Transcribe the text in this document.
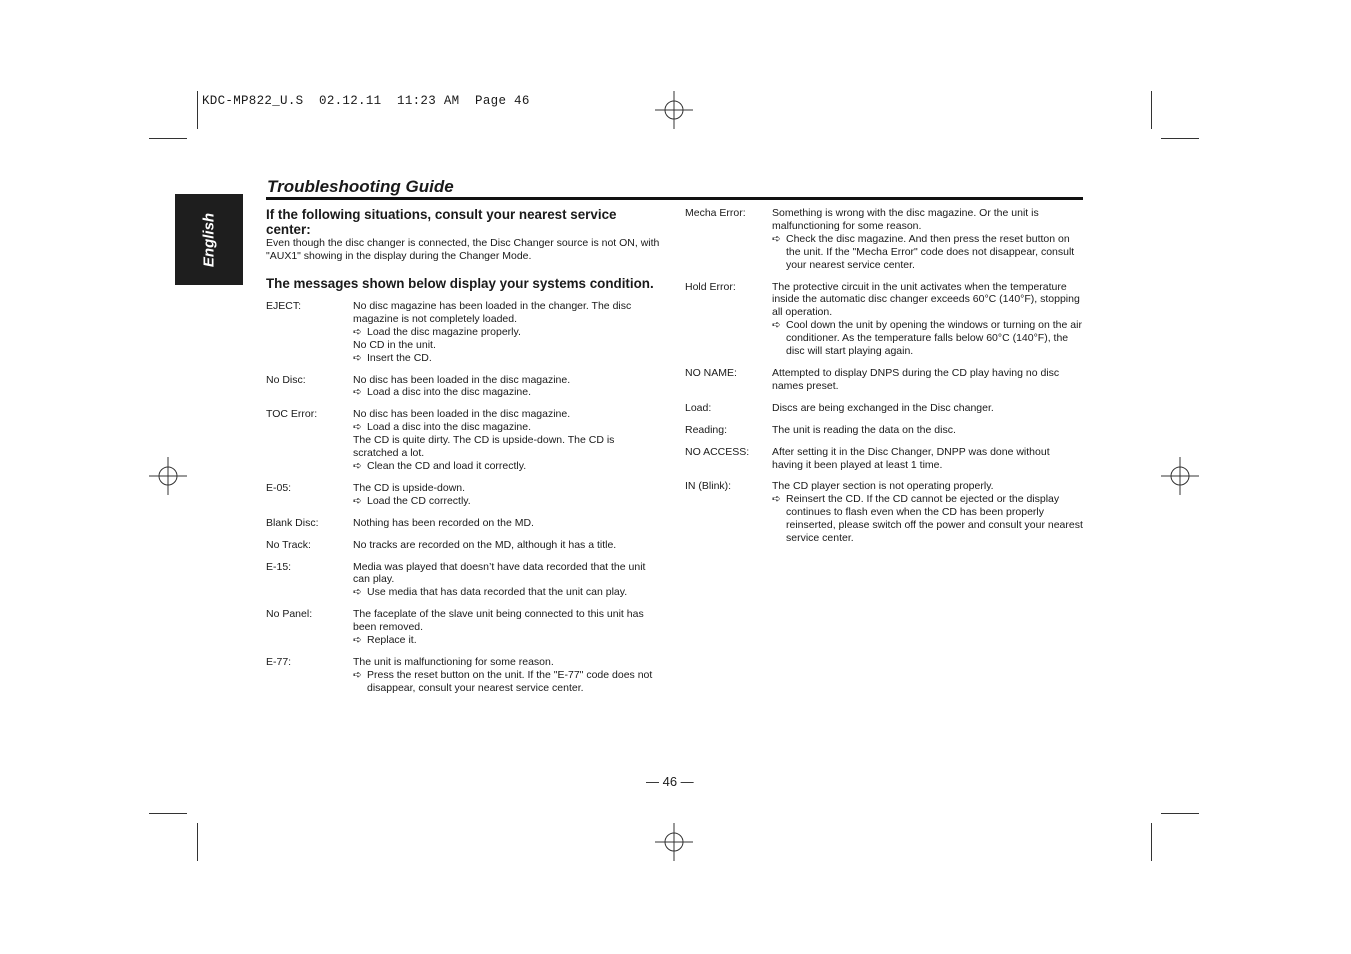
KDC-MP822_U.S  02.12.11  11:23 AM  Page 46
English
Troubleshooting Guide
If the following situations, consult your nearest service center:

Even though the disc changer is connected, the Disc Changer source is not ON, with "AUX1" showing in the display during the Changer Mode.

The messages shown below display your systems condition.
EJECT:	No disc magazine has been loaded in the changer. The disc magazine is not completely loaded.
➪ Load the disc magazine properly.
No CD in the unit.
➪ Insert the CD.
No Disc:	No disc has been loaded in the disc magazine.
➪ Load a disc into the disc magazine.
TOC Error:	No disc has been loaded in the disc magazine.
➪ Load a disc into the disc magazine.
The CD is quite dirty. The CD is upside-down. The CD is scratched a lot.
➪ Clean the CD and load it correctly.
E-05:	The CD is upside-down.
➪ Load the CD correctly.
Blank Disc:	Nothing has been recorded on the MD.
No Track:	No tracks are recorded on the MD, although it has a title.
E-15:	Media was played that doesn’t have data recorded that the unit can play.
➪ Use media that has data recorded that the unit can play.
No Panel:	The faceplate of the slave unit being connected to this unit has been removed.
➪ Replace it.
E-77:	The unit is malfunctioning for some reason.
➪ Press the reset button on the unit. If the "E-77" code does not disappear, consult your nearest service center.
Mecha Error:	Something is wrong with the disc magazine. Or the unit is malfunctioning for some reason.
➪ Check the disc magazine. And then press the reset button on the unit. If the "Mecha Error" code does not disappear, consult your nearest service center.
Hold Error:	The protective circuit in the unit activates when the temperature inside the automatic disc changer exceeds 60°C (140°F), stopping all operation.
➪ Cool down the unit by opening the windows or turning on the air conditioner. As the temperature falls below 60°C (140°F), the disc will start playing again.
NO NAME:	Attempted to display DNPS during the CD play having no disc names preset.
Load:	Discs are being exchanged in the Disc changer.
Reading:	The unit is reading the data on the disc.
NO ACCESS:	After setting it in the Disc Changer, DNPP was done without having it been played at least 1 time.
IN (Blink):	The CD player section is not operating properly.
➪ Reinsert the CD. If the CD cannot be ejected or the display continues to flash even when the CD has been properly reinserted, please switch off the power and consult your nearest service center.
— 46 —
